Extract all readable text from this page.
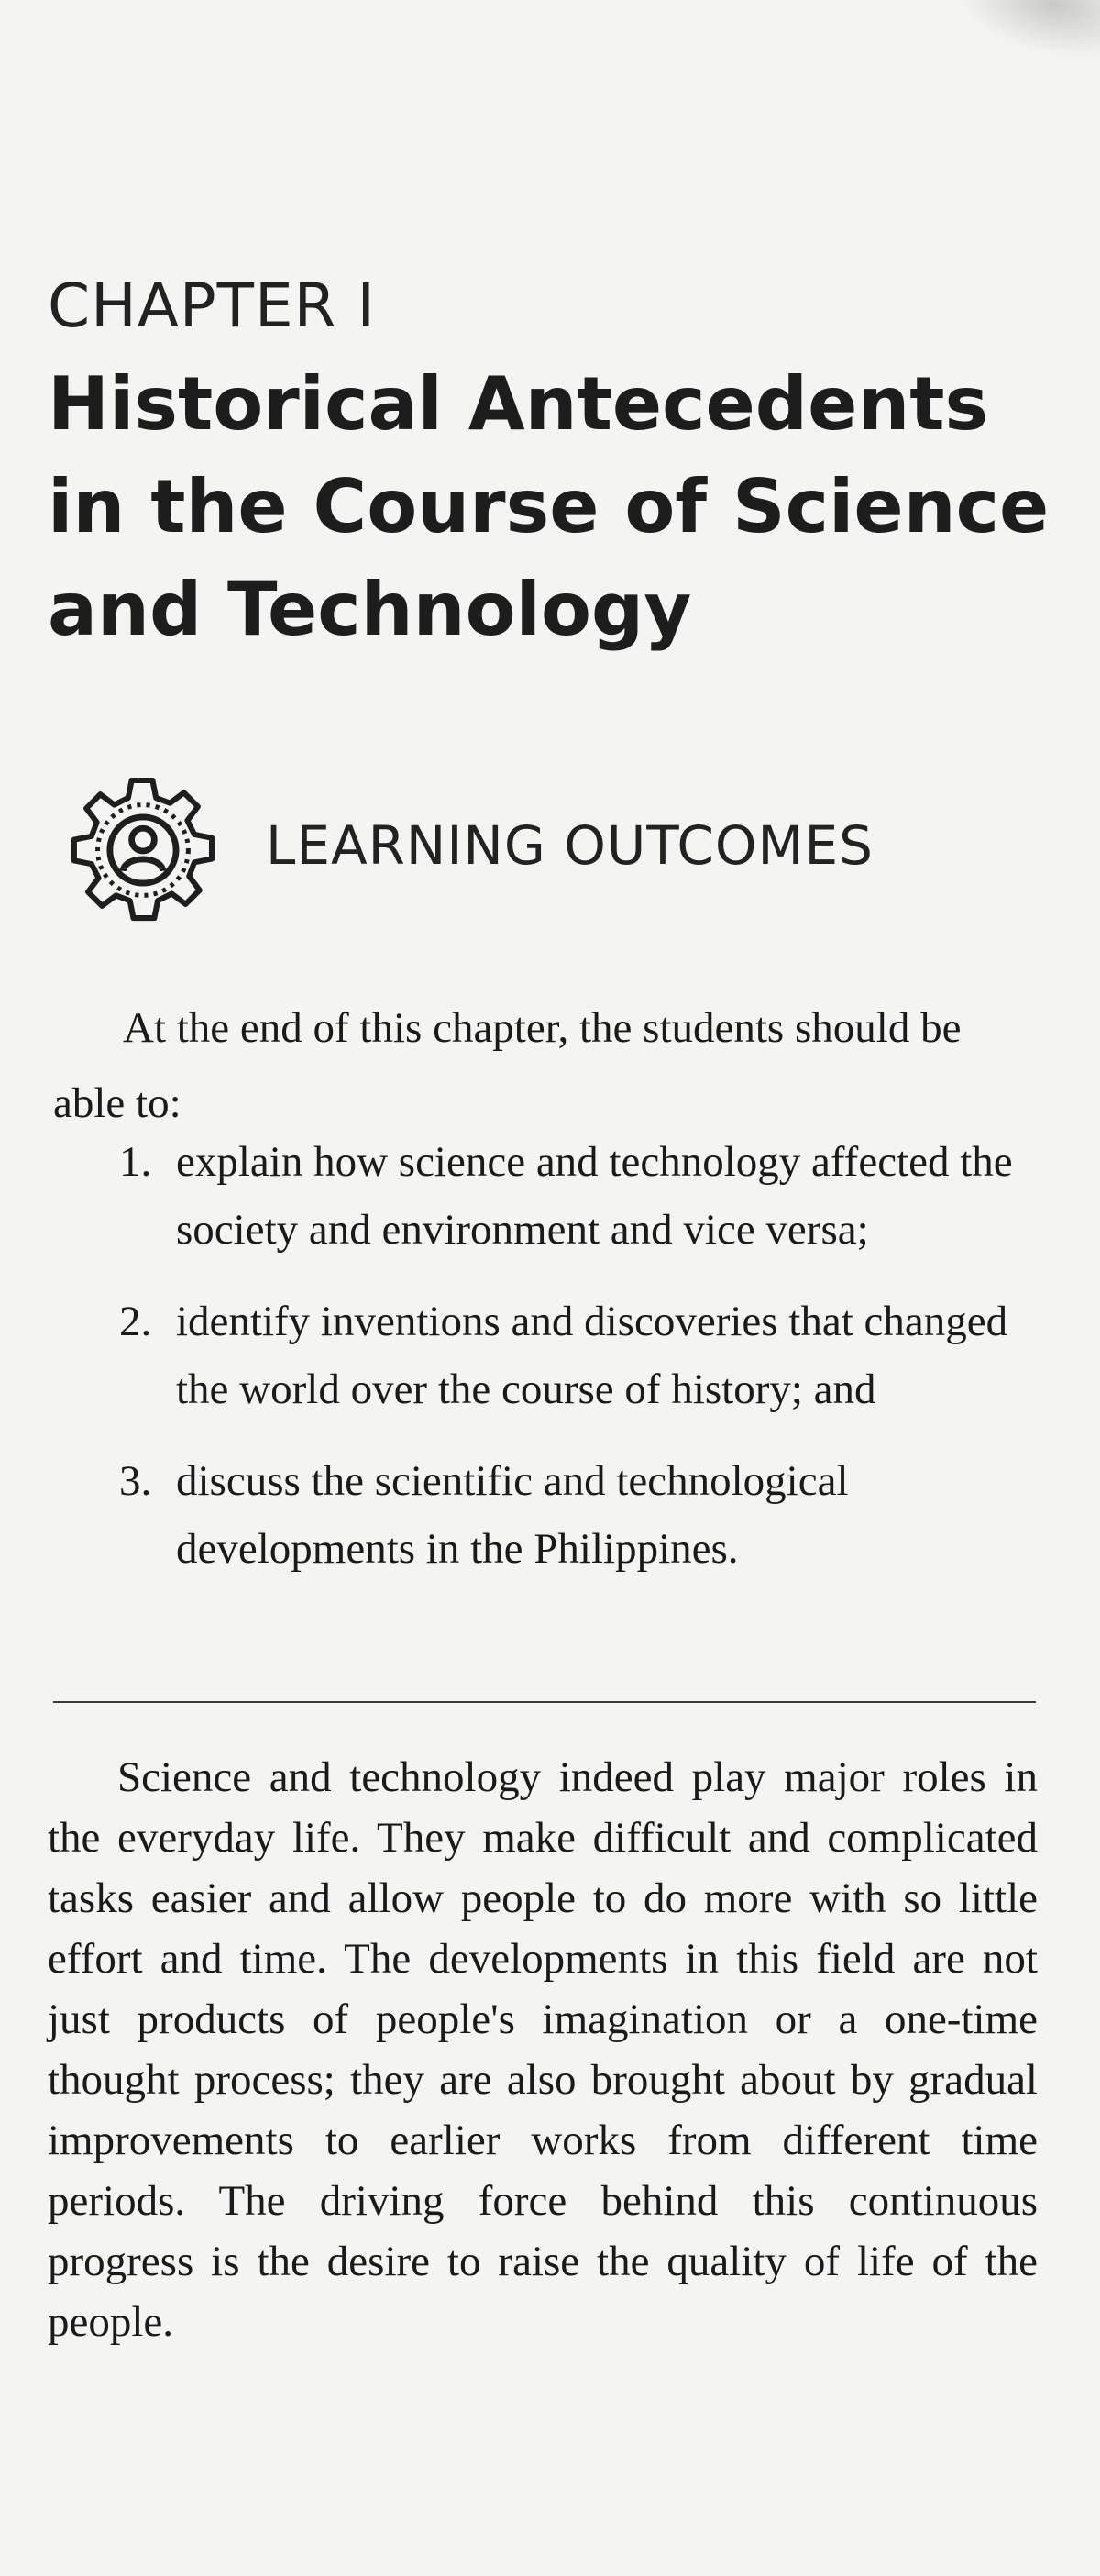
CHAPTER I
Historical Antecedents in the Course of Science and Technology
LEARNING OUTCOMES
At the end of this chapter, the students should be able to:
1. explain how science and technology affected the society and environment and vice versa;
2. identify inventions and discoveries that changed the world over the course of history; and
3. discuss the scientific and technological developments in the Philippines.

Science and technology indeed play major roles in the everyday life. They make difficult and complicated tasks easier and allow people to do more with so little effort and time. The developments in this field are not just products of people's imagination or a one-time thought process; they are also brought about by gradual improvements to earlier works from different time periods. The driving force behind this continuous progress is the desire to raise the quality of life of the people.
